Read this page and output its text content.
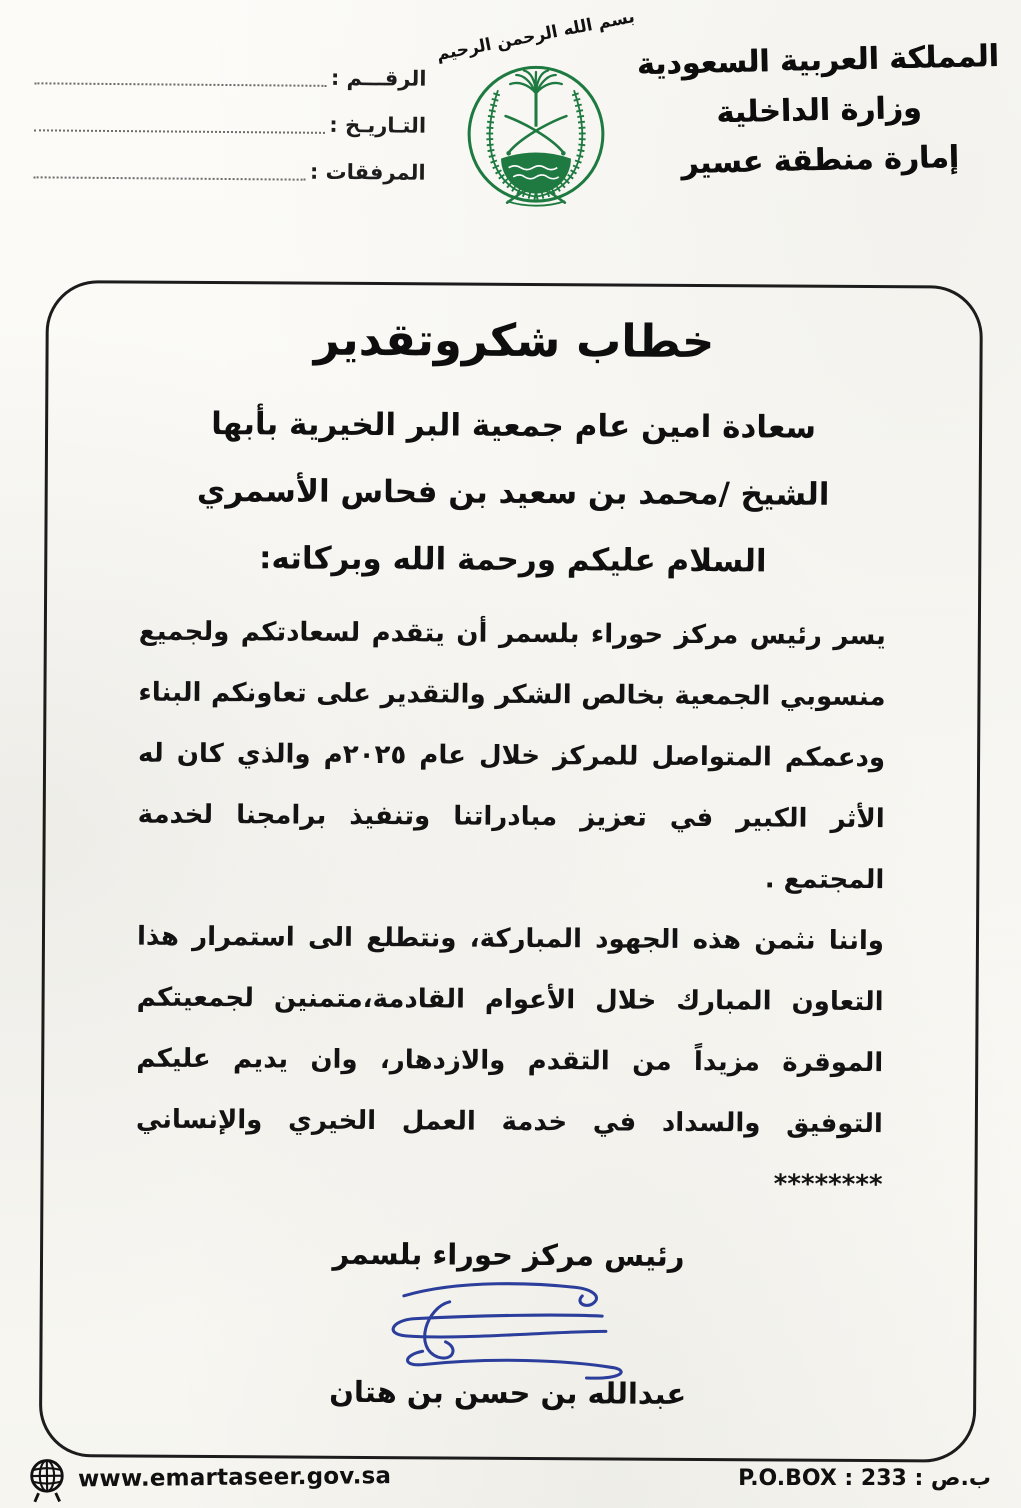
الرقـــم :
التـاريـخ :
المرفقات :
بسم الله الرحمن الرحيم المملكة العربية السعودية
وزارة الداخلية
إمارة منطقة عسير
خطاب شكروتقدير
سعادة امين عام جمعية البر الخيرية بأبها
الشيخ /محمد بن سعيد بن فحاس الأسمري
السلام عليكم ورحمة الله وبركاته:

يسر رئيس مركز حوراء بلسمر أن يتقدم لسعادتكم ولجميع منسوبي الجمعية بخالص الشكر والتقدير على تعاونكم البناء ودعمكم المتواصل للمركز خلال عام ٢٠٢٥م والذي كان له الأثر الكبير في تعزيز مبادراتنا وتنفيذ برامجنا لخدمة المجتمع .

واننا نثمن هذه الجهود المباركة، ونتطلع الى استمرار هذا التعاون المبارك خلال الأعوام القادمة،متمنين لجمعيتكم الموقرة مزيداً من التقدم والازدهار، وان يديم عليكم التوفيق والسداد في خدمة العمل الخيري والإنساني ********

رئيس مركز حوراء بلسمر
عبدالله بن حسن بن هتان
www.emartaseer.gov.sa	P.O.BOX : 233 : ص.ب
